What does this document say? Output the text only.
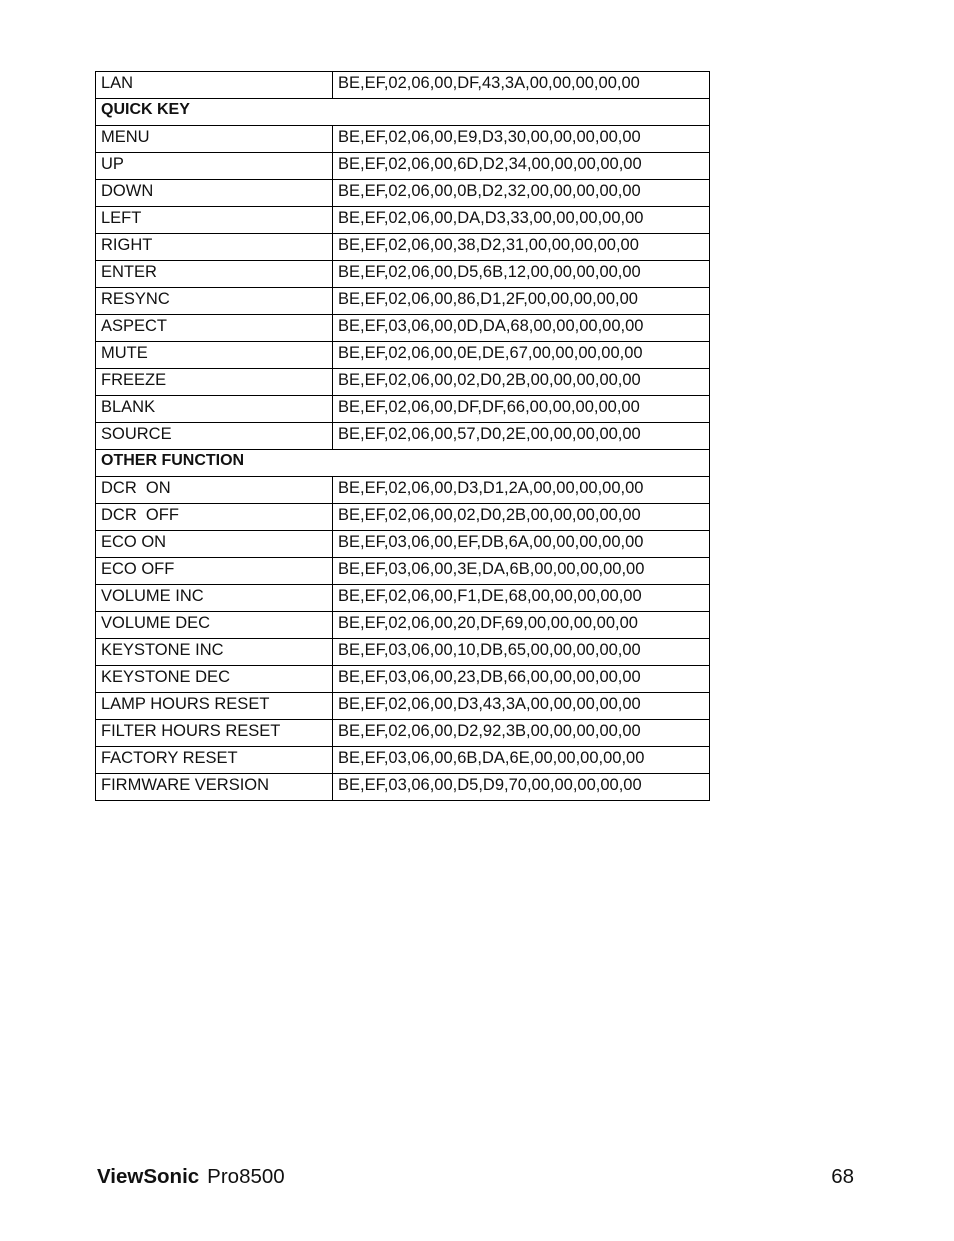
LAN	BE,EF,02,06,00,DF,43,3A,00,00,00,00,00
QUICK KEY	
MENU	BE,EF,02,06,00,E9,D3,30,00,00,00,00,00
UP	BE,EF,02,06,00,6D,D2,34,00,00,00,00,00
DOWN	BE,EF,02,06,00,0B,D2,32,00,00,00,00,00
LEFT	BE,EF,02,06,00,DA,D3,33,00,00,00,00,00
RIGHT	BE,EF,02,06,00,38,D2,31,00,00,00,00,00
ENTER	BE,EF,02,06,00,D5,6B,12,00,00,00,00,00
RESYNC	BE,EF,02,06,00,86,D1,2F,00,00,00,00,00
ASPECT	BE,EF,03,06,00,0D,DA,68,00,00,00,00,00
MUTE	BE,EF,02,06,00,0E,DE,67,00,00,00,00,00
FREEZE	BE,EF,02,06,00,02,D0,2B,00,00,00,00,00
BLANK	BE,EF,02,06,00,DF,DF,66,00,00,00,00,00
SOURCE	BE,EF,02,06,00,57,D0,2E,00,00,00,00,00
OTHER FUNCTION	
DCR  ON	BE,EF,02,06,00,D3,D1,2A,00,00,00,00,00
DCR  OFF	BE,EF,02,06,00,02,D0,2B,00,00,00,00,00
ECO ON	BE,EF,03,06,00,EF,DB,6A,00,00,00,00,00
ECO OFF	BE,EF,03,06,00,3E,DA,6B,00,00,00,00,00
VOLUME INC	BE,EF,02,06,00,F1,DE,68,00,00,00,00,00
VOLUME DEC	BE,EF,02,06,00,20,DF,69,00,00,00,00,00
KEYSTONE INC	BE,EF,03,06,00,10,DB,65,00,00,00,00,00
KEYSTONE DEC	BE,EF,03,06,00,23,DB,66,00,00,00,00,00
LAMP HOURS RESET	BE,EF,02,06,00,D3,43,3A,00,00,00,00,00
FILTER HOURS RESET	BE,EF,02,06,00,D2,92,3B,00,00,00,00,00
FACTORY RESET	BE,EF,03,06,00,6B,DA,6E,00,00,00,00,00
FIRMWARE VERSION	BE,EF,03,06,00,D5,D9,70,00,00,00,00,00
ViewSonic Pro8500	68
